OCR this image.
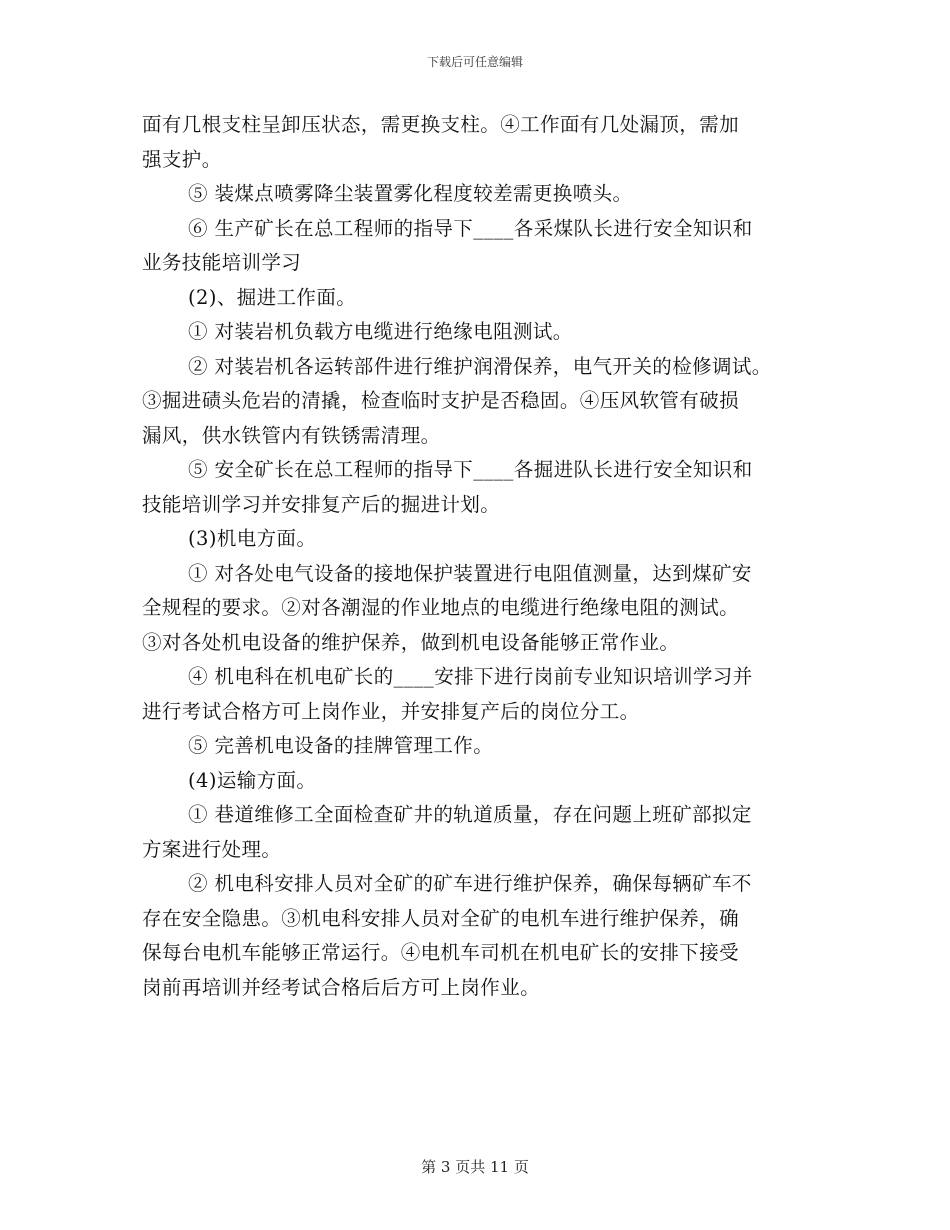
下载后可任意编辑
面有几根支柱呈卸压状态，需更换支柱。④工作面有几处漏顶，需加
强支护。
⑤ 装煤点喷雾降尘装置雾化程度较差需更换喷头。
⑥ 生产矿长在总工程师的指导下____各采煤队长进行安全知识和
业务技能培训学习
(2)、掘进工作面。
① 对装岩机负载方电缆进行绝缘电阻测试。
② 对装岩机各运转部件进行维护润滑保养，电气开关的检修调试。
③掘进碛头危岩的清撬，检查临时支护是否稳固。④压风软管有破损
漏风，供水铁管内有铁锈需清理。
⑤ 安全矿长在总工程师的指导下____各掘进队长进行安全知识和
技能培训学习并安排复产后的掘进计划。
(3)机电方面。
① 对各处电气设备的接地保护装置进行电阻值测量，达到煤矿安
全规程的要求。②对各潮湿的作业地点的电缆进行绝缘电阻的测试。
③对各处机电设备的维护保养，做到机电设备能够正常作业。
④ 机电科在机电矿长的____安排下进行岗前专业知识培训学习并
进行考试合格方可上岗作业，并安排复产后的岗位分工。
⑤ 完善机电设备的挂牌管理工作。
(4)运输方面。
① 巷道维修工全面检查矿井的轨道质量，存在问题上班矿部拟定
方案进行处理。
② 机电科安排人员对全矿的矿车进行维护保养，确保每辆矿车不
存在安全隐患。③机电科安排人员对全矿的电机车进行维护保养，确
保每台电机车能够正常运行。④电机车司机在机电矿长的安排下接受
岗前再培训并经考试合格后后方可上岗作业。
第 3 页共 11 页
